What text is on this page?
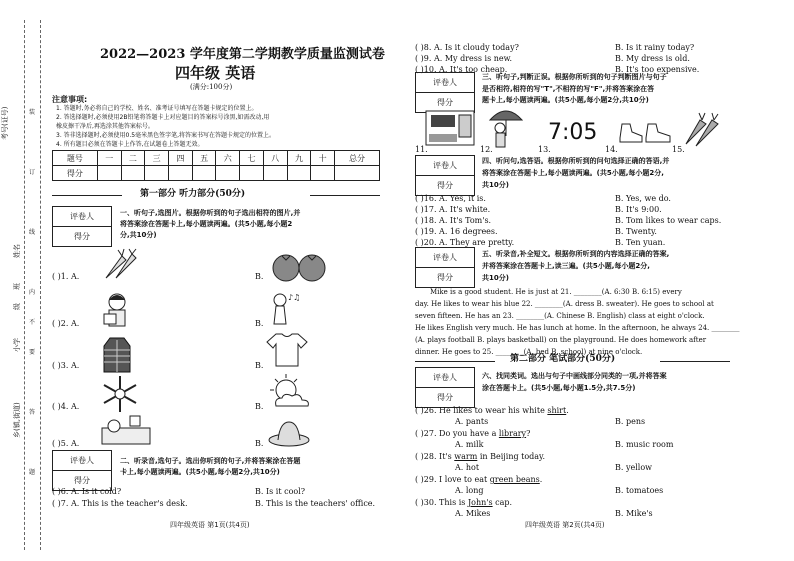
考号(证号)
姓名
班
级
小学
乡(镇,街道)
装
订
线
内
不
要
答
题
2022—2023 学年度第二学期教学质量监测试卷
四年级 英语
(满分:100分)
注意事项:
1. 答题时,务必将自己的学校、姓名、准考证号填写在答题卡规定的位置上。
2. 答选择题时,必须使用2B铅笔将答题卡上对应题目的答案标号涂黑,如需改动,用
橡皮擦干净后,再选涂其他答案标号。
3. 答非选择题时,必须使用0.5毫米黑色签字笔,将答案书写在答题卡规定的位置上。
4. 所有题目必须在答题卡上作答,在试题卷上答题无效。
题号	一	二	三	四	五	六	七	八	九	十	总分
得分											
第一部分 听力部分(50分)
评卷人
得分
一、听句子,选图片。根据你听到的句子选出相符的图片,并
将答案涂在答题卡上,每小题读两遍。(共5小题,每小题2
分,共10分)
( )1. A.	B.
( )2. A.	B.
( )3. A.	B.
( )4. A.	B.
( )5. A.	B.
♪♫
评卷人
得分
二、听录音,选句子。选出你听到的句子,并将答案涂在答题
卡上,每小题读两遍。(共5小题,每小题2分,共10分)
( )6. A. Is it cold?	B. Is it cool?
( )7. A. This is the teacher's desk.	B. This is the teachers' office.
四年级英语 第1页(共4页)
( )8. A. Is it cloudy today?	B. Is it rainy today?
( )9. A. My dress is new.	B. My dress is old.
( )10. A. It's too cheap.	B. It's too expensive.
评卷人
得分
三、听句子,判断正误。根据你所听到的句子判断图片与句子
是否相符,相符的写"T",不相符的写"F",并将答案涂在答
题卡上,每小题读两遍。(共5小题,每小题2分,共10分)
7:05
11.	12.	13.	14.	15.
评卷人
得分
四、听问句,选答语。根据你所听到的问句选择正确的答语,并
将答案涂在答题卡上,每小题读两遍。(共5小题,每小题2分,
共10分)
( )16. A. Yes, it is.	B. Yes, we do.
( )17. A. It's white.	B. It's 9:00.
( )18. A. It's Tom's.	B. Tom likes to wear caps.
( )19. A. 16 degrees.	B. Twenty.
( )20. A. They are pretty.	B. Ten yuan.
评卷人
得分
五、听录音,补全短文。根据你所听到的内容选择正确的答案,
并将答案涂在答题卡上,读三遍。(共5小题,每小题2分,
共10分)
Mike is a good student. He is just at 21. ________(A. 6:30 B. 6:15) every
day. He likes to wear his blue 22. ________(A. dress B. sweater). He goes to school at
seven fifteen. He has an 23. ________(A. Chinese B. English) class at eight o'clock.
He likes English very much. He has lunch at home. In the afternoon, he always 24. ________
(A. plays football B. plays basketball) on the playground. He does homework after
dinner. He goes to 25. ________(A. bed B. school) at nine o'clock.
第二部分 笔试部分(50分)
评卷人
得分
六、找同类词。选出与句子中画线部分同类的一项,并将答案
涂在答题卡上。(共5小题,每小题1.5分,共7.5分)
( )26. He likes to wear his white shirt.
A. pants	B. pens
( )27. Do you have a library?
A. milk	B. music room
( )28. It's warm in Beijing today.
A. hot	B. yellow
( )29. I love to eat green beans.
A. long	B. tomatoes
( )30. This is John's cap.
A. Mikes	B. Mike's
四年级英语 第2页(共4页)
